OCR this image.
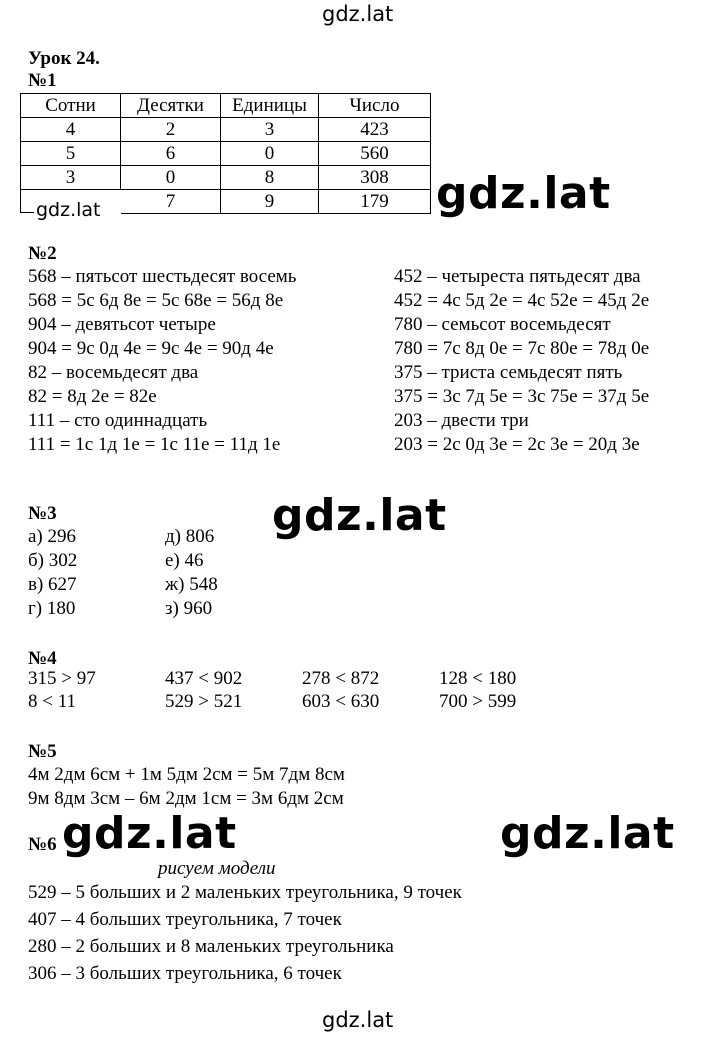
gdz.lat
Урок 24.
№1
Сотни	Десятки	Единицы	Число
4	2	3	423
5	6	0	560
3	0	8	308
	7	9	179
gdz.lat	gdz.lat
№2
568 – пятьсот шестьдесят восемь
568 = 5с 6д 8е = 5с 68е = 56д 8е
904 – девятьсот четыре
904 = 9с 0д 4е = 9с 4е = 90д 4е
82 – восемьдесят два
82 = 8д 2е = 82е
111 – сто одиннадцать
111 = 1с 1д 1е = 1с 11е = 11д 1е
452 – четыреста пятьдесят два
452 = 4с 5д 2е = 4с 52е = 45д 2е
780 – семьсот восемьдесят
780 = 7с 8д 0е = 7с 80е = 78д 0е
375 – триста семьдесят пять
375 = 3с 7д 5е = 3с 75е = 37д 5е
203 – двести три
203 = 2с 0д 3е = 2с 3е = 20д 3е
№3
а) 296
б) 302
в) 627
г) 180
д) 806
е) 46
ж) 548
з) 960
gdz.lat
№4
315 > 97	437 < 902	278 < 872	128 < 180
8 < 11	529 > 521	603 < 630	700 > 599
№5
4м 2дм 6см + 1м 5дм 2см = 5м 7дм 8см
9м 8дм 3см – 6м 2дм 1см = 3м 6дм 2см
№6 gdz.lat	gdz.lat
рисуем модели
529 – 5 больших и 2 маленьких треугольника, 9 точек
407 – 4 больших треугольника, 7 точек
280 – 2 больших и 8 маленьких треугольника
306 – 3 больших треугольника, 6 точек
gdz.lat
